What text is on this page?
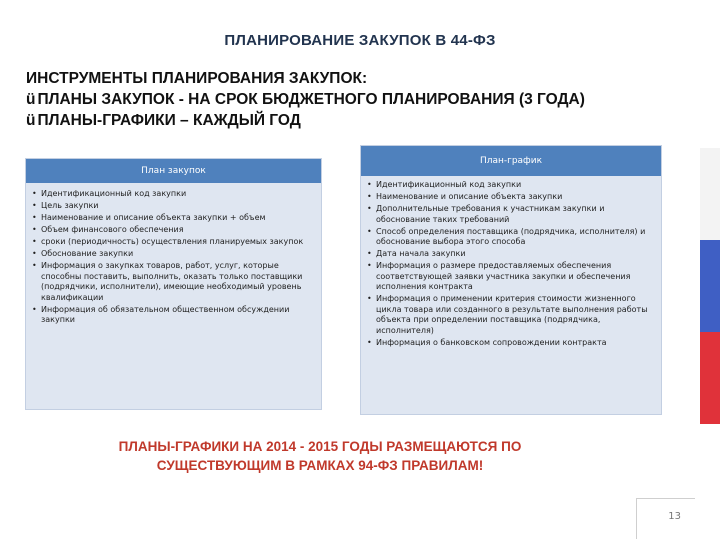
ПЛАНИРОВАНИЕ ЗАКУПОК В 44-ФЗ
ИНСТРУМЕНТЫ ПЛАНИРОВАНИЯ ЗАКУПОК:
ü ПЛАНЫ ЗАКУПОК - НА СРОК БЮДЖЕТНОГО ПЛАНИРОВАНИЯ (3 ГОДА)
ü ПЛАНЫ-ГРАФИКИ – КАЖДЫЙ ГОД
План закупок
• Идентификационный код закупки
• Цель закупки
• Наименование и описание объекта закупки + объем
• Объем финансового обеспечения
• сроки (периодичность) осуществления планируемых закупок
• Обоснование закупки
• Информация о закупках товаров, работ, услуг, которые способны поставить, выполнить, оказать только поставщики (подрядчики, исполнители), имеющие необходимый уровень квалификации
• Информация об обязательном общественном обсуждении закупки
План-график
• Идентификационный код закупки
• Наименование и описание объекта закупки
• Дополнительные требования к участникам закупки и обоснование таких требований
• Способ определения поставщика (подрядчика, исполнителя) и обоснование выбора этого способа
• Дата начала закупки
• Информация о размере предоставляемых обеспечения соответствующей заявки участника закупки и обеспечения исполнения контракта
• Информация о применении критерия стоимости жизненного цикла товара или созданного в результате выполнения работы объекта при определении поставщика (подрядчика, исполнителя)
• Информация о банковском сопровождении контракта
ПЛАНЫ-ГРАФИКИ НА 2014 - 2015 ГОДЫ РАЗМЕЩАЮТСЯ ПО
СУЩЕСТВУЮЩИМ В РАМКАХ 94-ФЗ ПРАВИЛАМ!
13
